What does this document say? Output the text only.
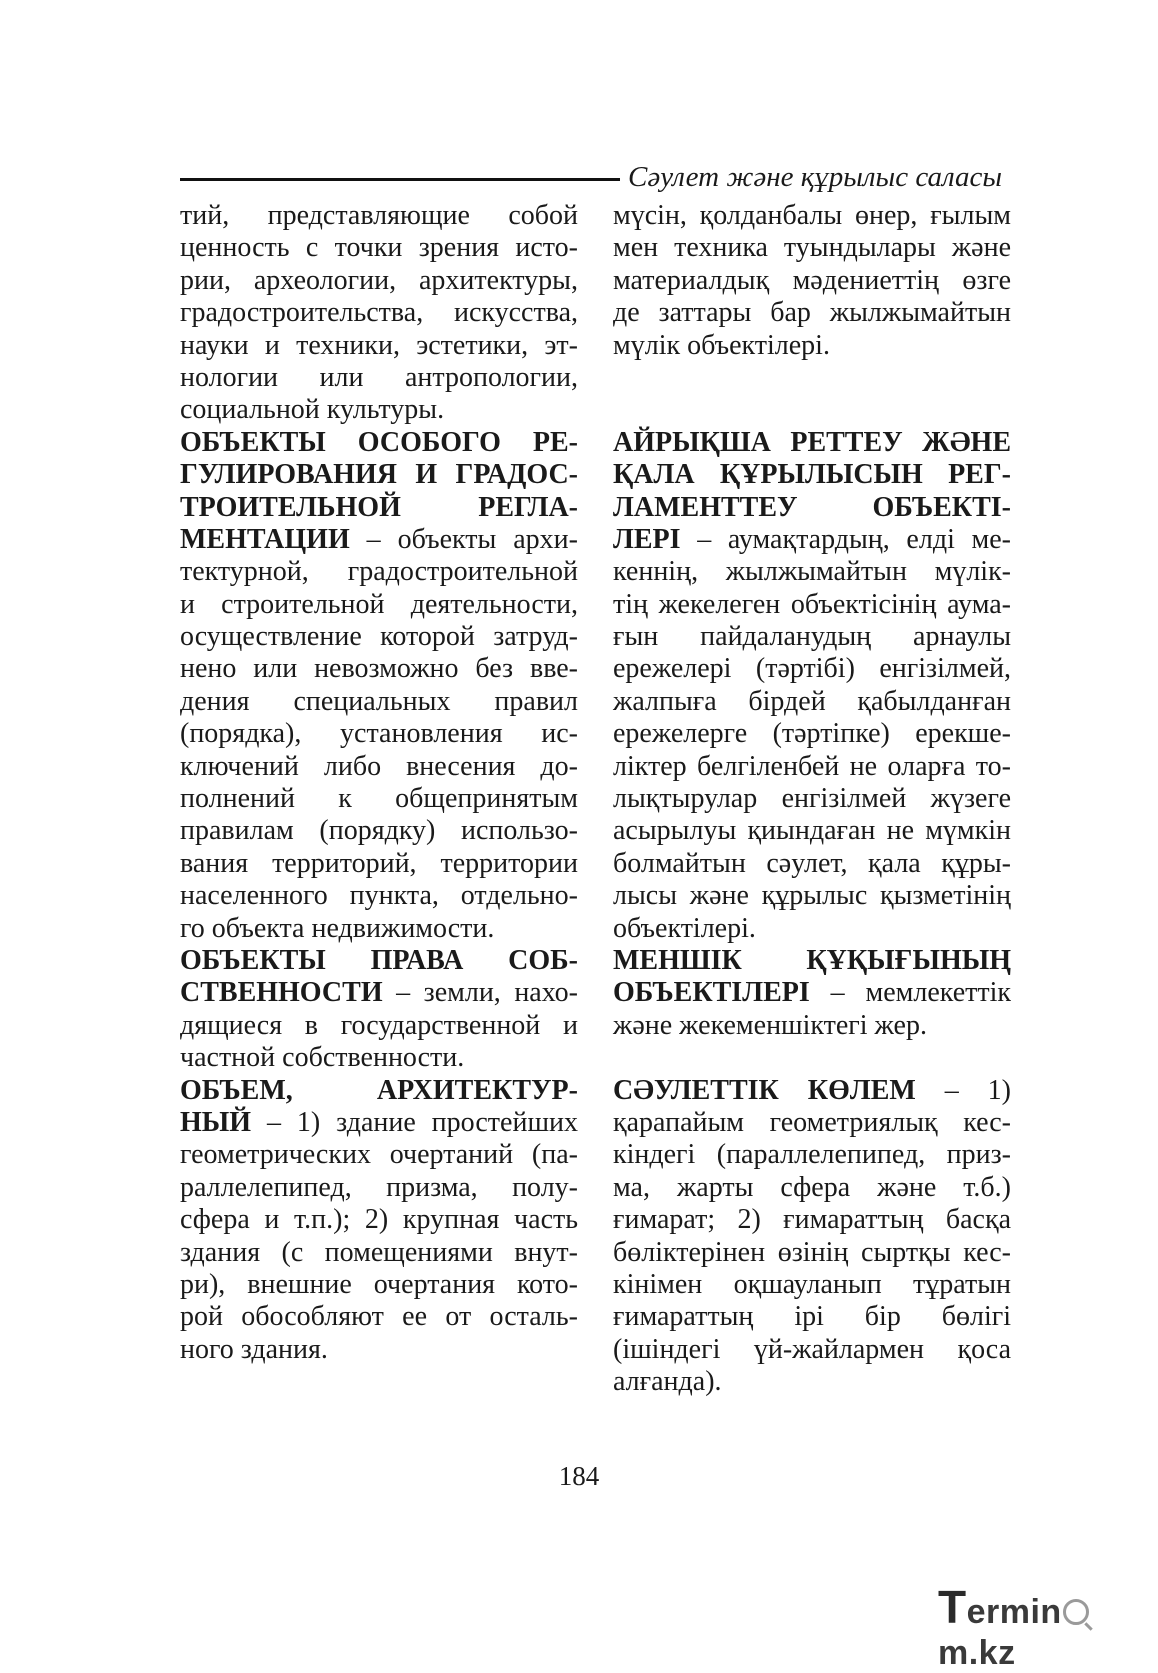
Сәулет және құрылыс саласы
тий, представляющие собой
ценность с точки зрения исто-
рии, археологии, архитектуры,
градостроительства, искусства,
науки и техники, эстетики, эт-
нологии или антропологии,
социальной культуры.
ОБЪЕКТЫ ОСОБОГО РЕ-
ГУЛИРОВАНИЯ И ГРАДОС-
ТРОИТЕЛЬНОЙ РЕГЛА-
МЕНТАЦИИ – объекты архи-
тектурной, градостроительной
и строительной деятельности,
осуществление которой затруд-
нено или невозможно без вве-
дения специальных правил
(порядка), установления ис-
ключений либо внесения до-
полнений к общепринятым
правилам (порядку) использо-
вания территорий, территории
населенного пункта, отдельно-
го объекта недвижимости.
ОБЪЕКТЫ ПРАВА СОБ-
СТВЕННОСТИ – земли, нахо-
дящиеся в государственной и
частной собственности.
ОБЪЕМ, АРХИТЕКТУР-
НЫЙ – 1) здание простейших
геометрических очертаний (па-
раллелепипед, призма, полу-
сфера и т.п.); 2) крупная часть
здания (с помещениями внут-
ри), внешние очертания кото-
рой обособляют ее от осталь-
ного здания.
мүсін, қолданбалы өнер, ғылым
мен техника туындылары және
материалдық мәдениеттің өзге
де заттары бар жылжымайтын
мүлік объектілері.
АЙРЫҚША РЕТТЕУ ЖӘНЕ
ҚАЛА ҚҰРЫЛЫСЫН РЕГ-
ЛАМЕНТТЕУ ОБЪЕКТІ-
ЛЕРІ – аумақтардың, елді ме-
кеннің, жылжымайтын мүлік-
тің жекелеген объектісінің аума-
ғын пайдаланудың арнаулы
ережелері (тәртібі) енгізілмей,
жалпыға бірдей қабылданған
ережелерге (тәртіпке) ерекше-
ліктер белгіленбей не оларға то-
лықтырулар енгізілмей жүзеге
асырылуы қиындаған не мүмкін
болмайтын сәулет, қала құры-
лысы және құрылыс қызметінің
объектілері.
МЕНШІК ҚҰҚЫҒЫНЫҢ
ОБЪЕКТІЛЕРІ – мемлекеттік
және жекеменшіктегі жер.
СӘУЛЕТТІК КӨЛЕМ – 1)
қарапайым геометриялық кес-
кіндегі (параллелепипед, приз-
ма, жарты сфера және т.б.)
ғимарат; 2) ғимараттың басқа
бөліктерінен өзінің сыртқы кес-
кінімен оқшауланып тұратын
ғимараттың ірі бір бөлігі
(ішіндегі үй-жайлармен қоса
алғанда).
184
Terminm.kz
